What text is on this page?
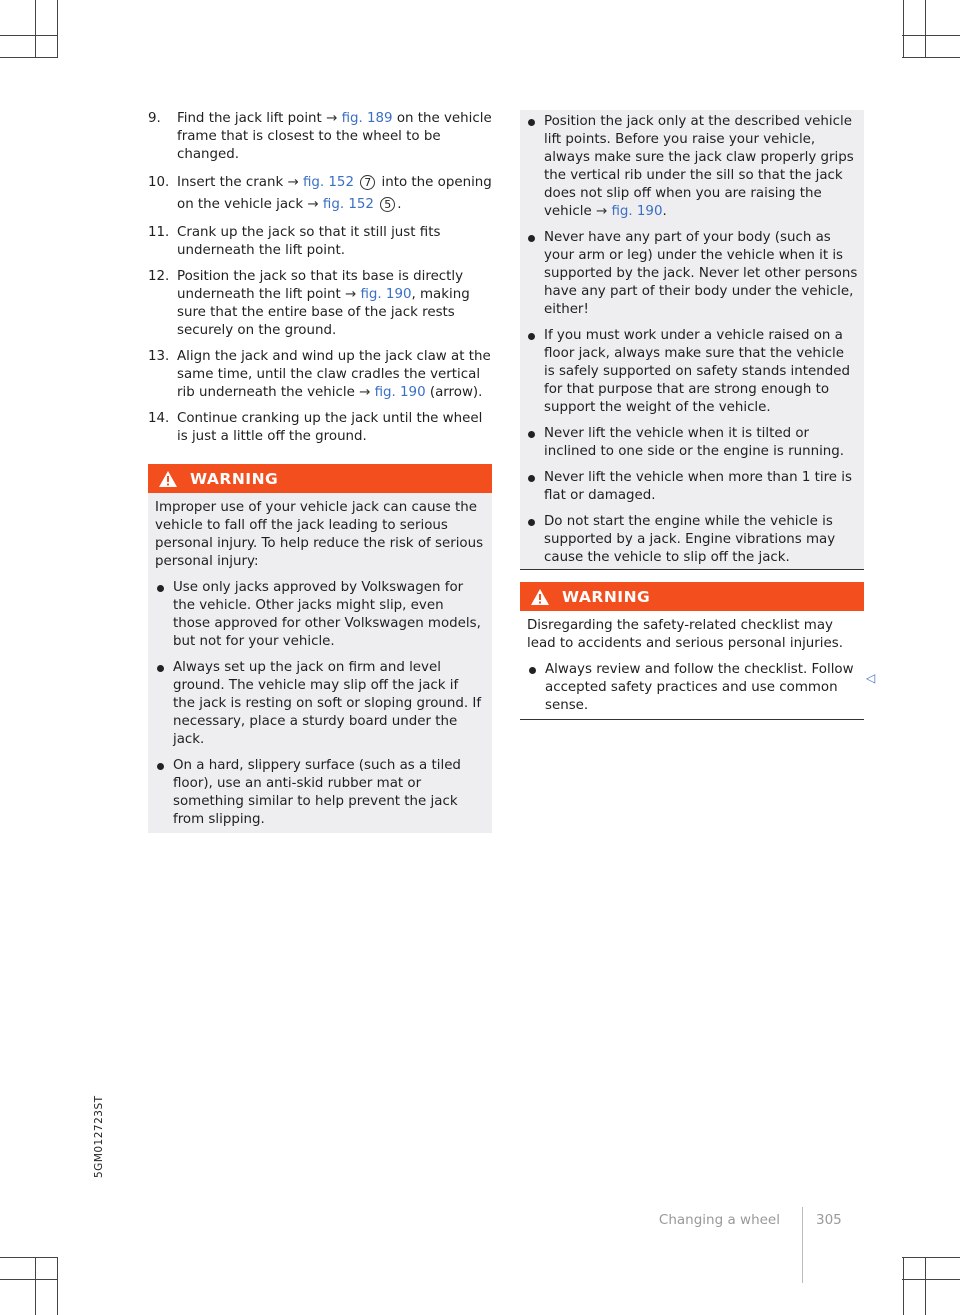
9. Find the jack lift point → fig. 189 on the vehicle frame that is closest to the wheel to be changed.
10. Insert the crank → fig. 152 7 into the opening on the vehicle jack → fig. 152 5 .
11. Crank up the jack so that it still just fits underneath the lift point.
12. Position the jack so that its base is directly underneath the lift point → fig. 190, making sure that the entire base of the jack rests securely on the ground.
13. Align the jack and wind up the jack claw at the same time, until the claw cradles the vertical rib underneath the vehicle → fig. 190 (arrow).
14. Continue cranking up the jack until the wheel is just a little off the ground.
WARNING
Improper use of your vehicle jack can cause the vehicle to fall off the jack leading to serious personal injury. To help reduce the risk of serious personal injury:
Use only jacks approved by Volkswagen for the vehicle. Other jacks might slip, even those approved for other Volkswagen models, but not for your vehicle.
Always set up the jack on firm and level ground. The vehicle may slip off the jack if the jack is resting on soft or sloping ground. If necessary, place a sturdy board under the jack.
On a hard, slippery surface (such as a tiled floor), use an anti-skid rubber mat or something similar to help prevent the jack from slipping.
Position the jack only at the described vehicle lift points. Before you raise your vehicle, always make sure the jack claw properly grips the vertical rib under the sill so that the jack does not slip off when you are raising the vehicle → fig. 190.
Never have any part of your body (such as your arm or leg) under the vehicle when it is supported by the jack. Never let other persons have any part of their body under the vehicle, either!
If you must work under a vehicle raised on a floor jack, always make sure that the vehicle is safely supported on safety stands intended for that purpose that are strong enough to support the weight of the vehicle.
Never lift the vehicle when it is tilted or inclined to one side or the engine is running.
Never lift the vehicle when more than 1 tire is flat or damaged.
Do not start the engine while the vehicle is supported by a jack. Engine vibrations may cause the vehicle to slip off the jack.
WARNING
Disregarding the safety-related checklist may lead to accidents and serious personal injuries.
Always review and follow the checklist. Follow accepted safety practices and use common sense.
◁
5GM012723ST
Changing a wheel	305
